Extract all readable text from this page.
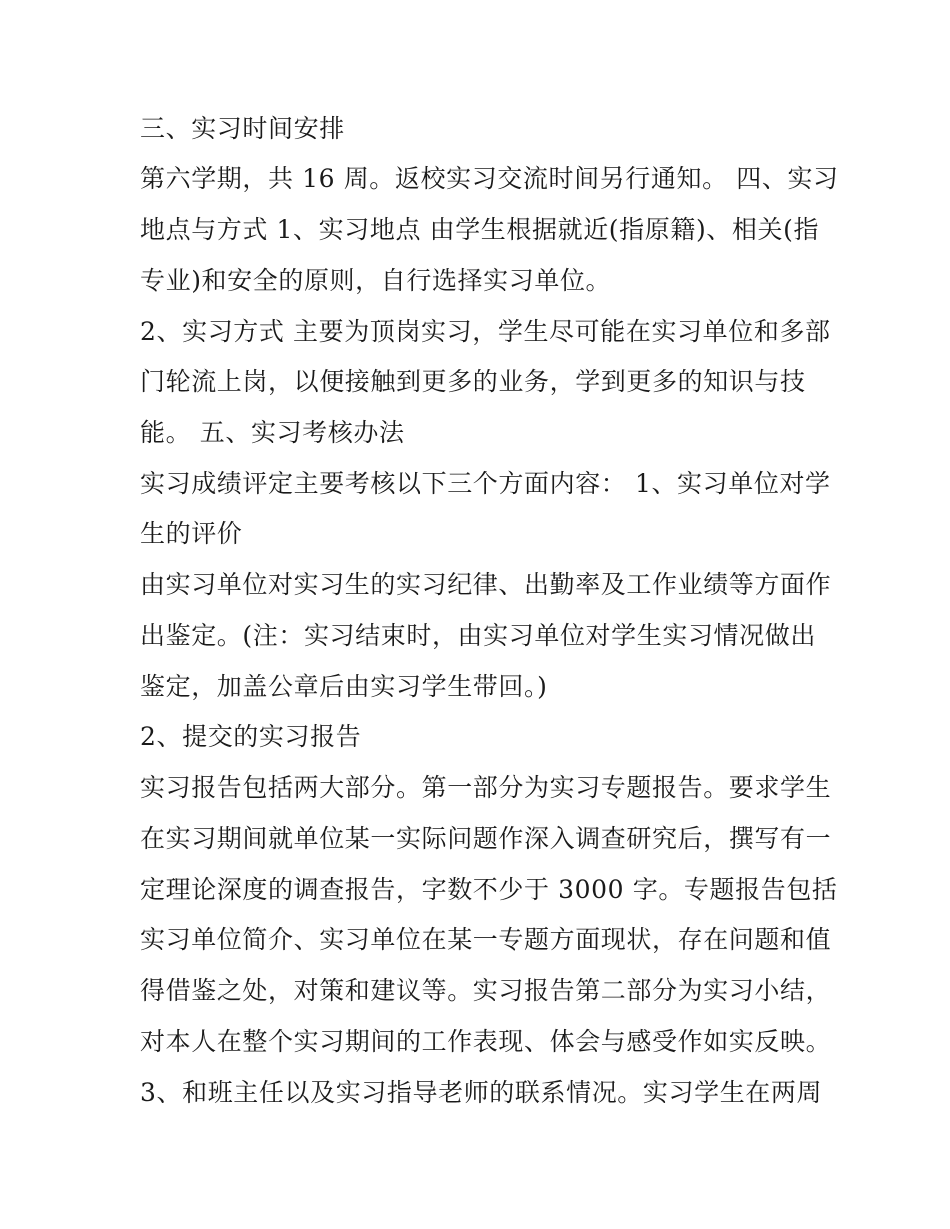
三、实习时间安排
第六学期，共 16 周。返校实习交流时间另行通知。 四、实习
地点与方式 1、实习地点 由学生根据就近(指原籍)、相关(指
专业)和安全的原则，自行选择实习单位。
2、实习方式 主要为顶岗实习，学生尽可能在实习单位和多部
门轮流上岗，以便接触到更多的业务，学到更多的知识与技
能。 五、实习考核办法
实习成绩评定主要考核以下三个方面内容： 1、实习单位对学
生的评价
由实习单位对实习生的实习纪律、出勤率及工作业绩等方面作
出鉴定。(注：实习结束时，由实习单位对学生实习情况做出
鉴定，加盖公章后由实习学生带回。)
2、提交的实习报告
实习报告包括两大部分。第一部分为实习专题报告。要求学生
在实习期间就单位某一实际问题作深入调查研究后，撰写有一
定理论深度的调查报告，字数不少于 3000 字。专题报告包括
实习单位简介、实习单位在某一专题方面现状，存在问题和值
得借鉴之处，对策和建议等。实习报告第二部分为实习小结，
对本人在整个实习期间的工作表现、体会与感受作如实反映。
3、和班主任以及实习指导老师的联系情况。实习学生在两周
